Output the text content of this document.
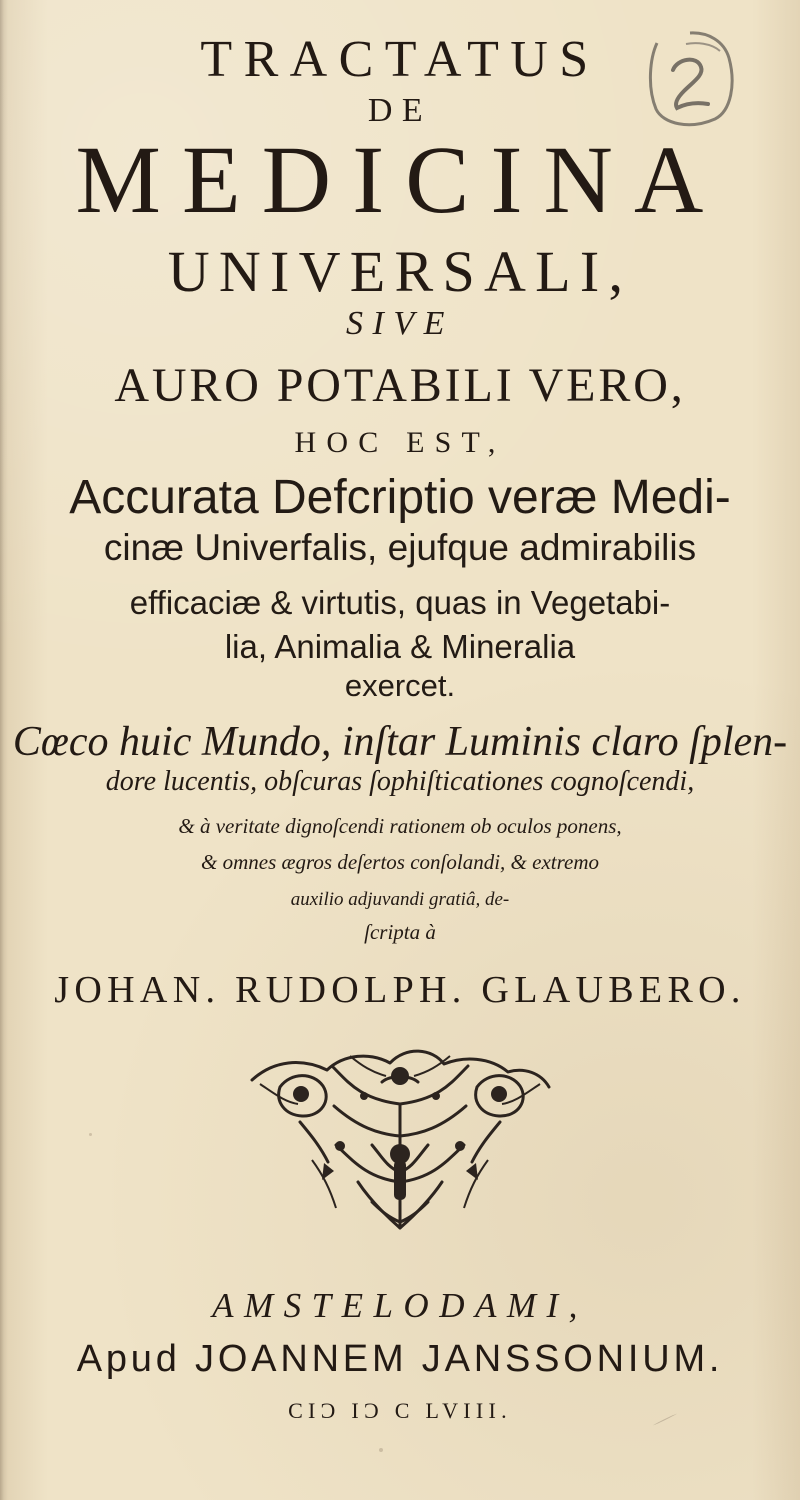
TRACTATUS
DE
MEDICINA
UNIVERSALI,
SIVE
AURO POTABILI VERO,
HOC EST,
Accurata Defcriptio veræ Medi-
cinæ Univerfalis, ejufque admirabilis
efficaciæ & virtutis, quas in Vegetabi-
lia, Animalia & Mineralia
exercet.
Cœco huic Mundo, inſtar Luminis claro ſplen-
dore lucentis, obſcuras ſophiſticationes cognoſcendi,
& à veritate dignoſcendi rationem ob oculos ponens,
& omnes ægros deſertos conſolandi, & extremo
auxilio adjuvandi gratiâ, de-
ſcripta à
JOHAN. RUDOLPH. GLAUBERO.
AMSTELODAMI,
Apud JOANNEM JANSSONIUM.
CIƆ IƆ C LVIII.
